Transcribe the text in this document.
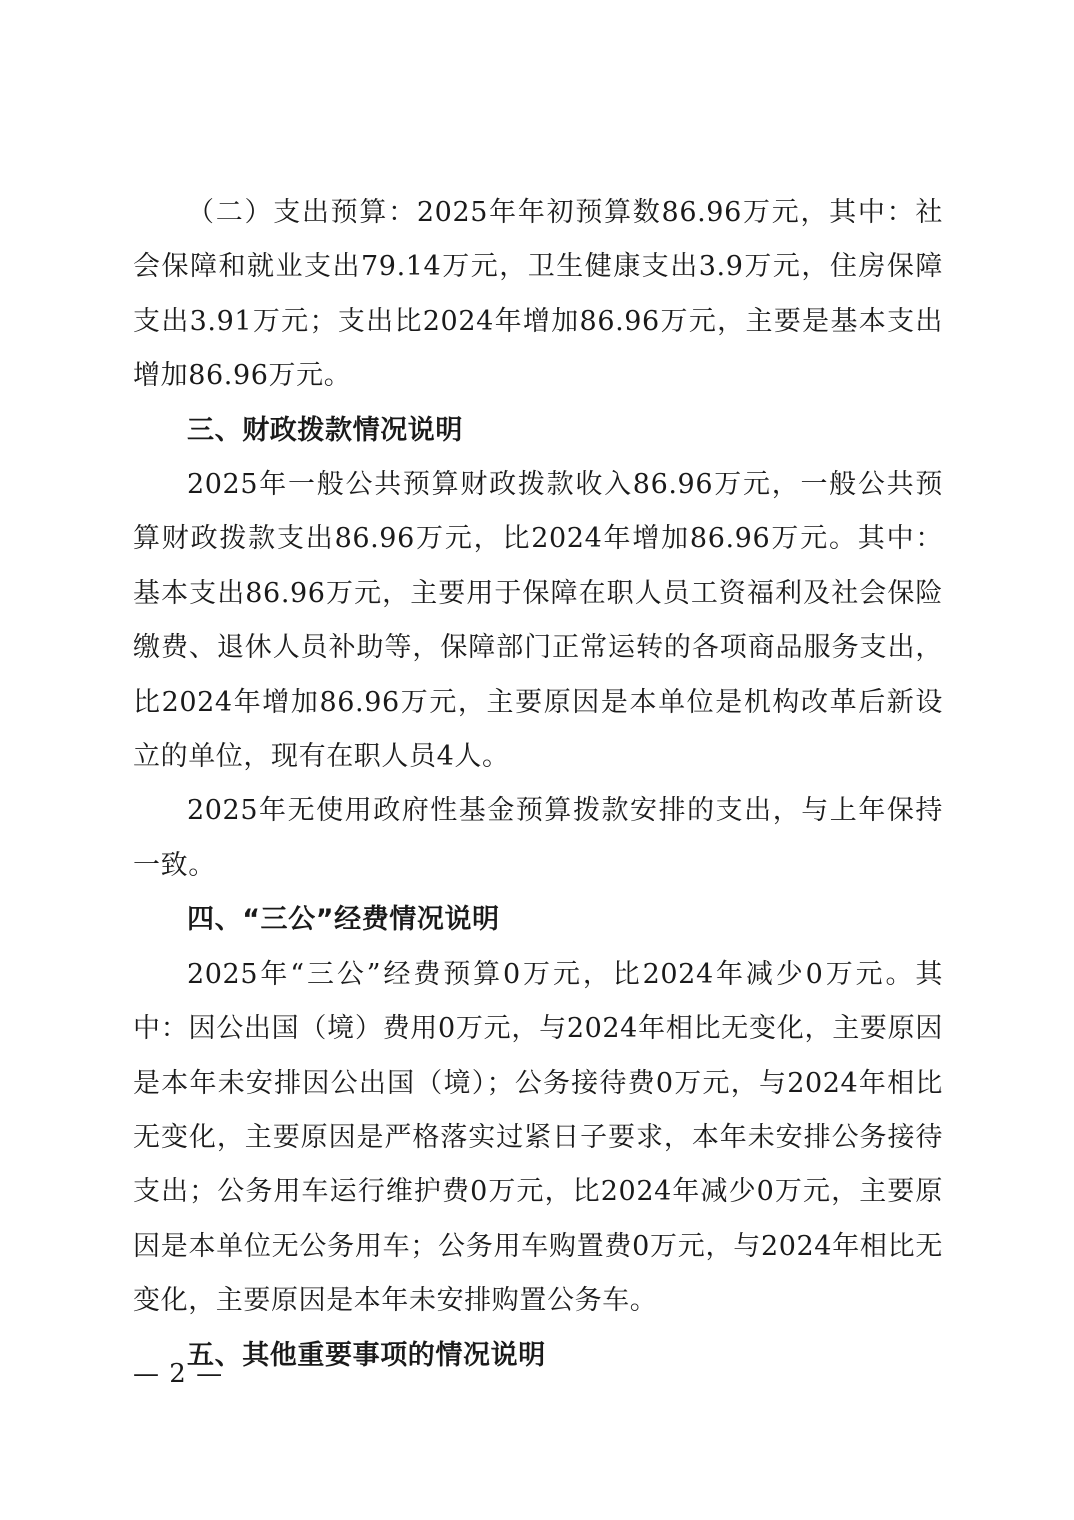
（二）支出预算：2025年年初预算数86.96万元，其中：社会保障和就业支出79.14万元，卫生健康支出3.9万元，住房保障支出3.91万元；支出比2024年增加86.96万元，主要是基本支出增加86.96万元。

三、财政拨款情况说明

2025年一般公共预算财政拨款收入86.96万元，一般公共预算财政拨款支出86.96万元，比2024年增加86.96万元。其中：基本支出86.96万元，主要用于保障在职人员工资福利及社会保险缴费、退休人员补助等，保障部门正常运转的各项商品服务支出，比2024年增加86.96万元，主要原因是本单位是机构改革后新设立的单位，现有在职人员4人。

2025年无使用政府性基金预算拨款安排的支出，与上年保持一致。

四、“三公”经费情况说明

2025年“三公”经费预算0万元，比2024年减少0万元。其中：因公出国（境）费用0万元，与2024年相比无变化，主要原因是本年未安排因公出国（境）；公务接待费0万元，与2024年相比无变化，主要原因是严格落实过紧日子要求，本年未安排公务接待支出；公务用车运行维护费0万元，比2024年减少0万元，主要原因是本单位无公务用车；公务用车购置费0万元，与2024年相比无变化，主要原因是本年未安排购置公务车。

五、其他重要事项的情况说明

— 2 —
